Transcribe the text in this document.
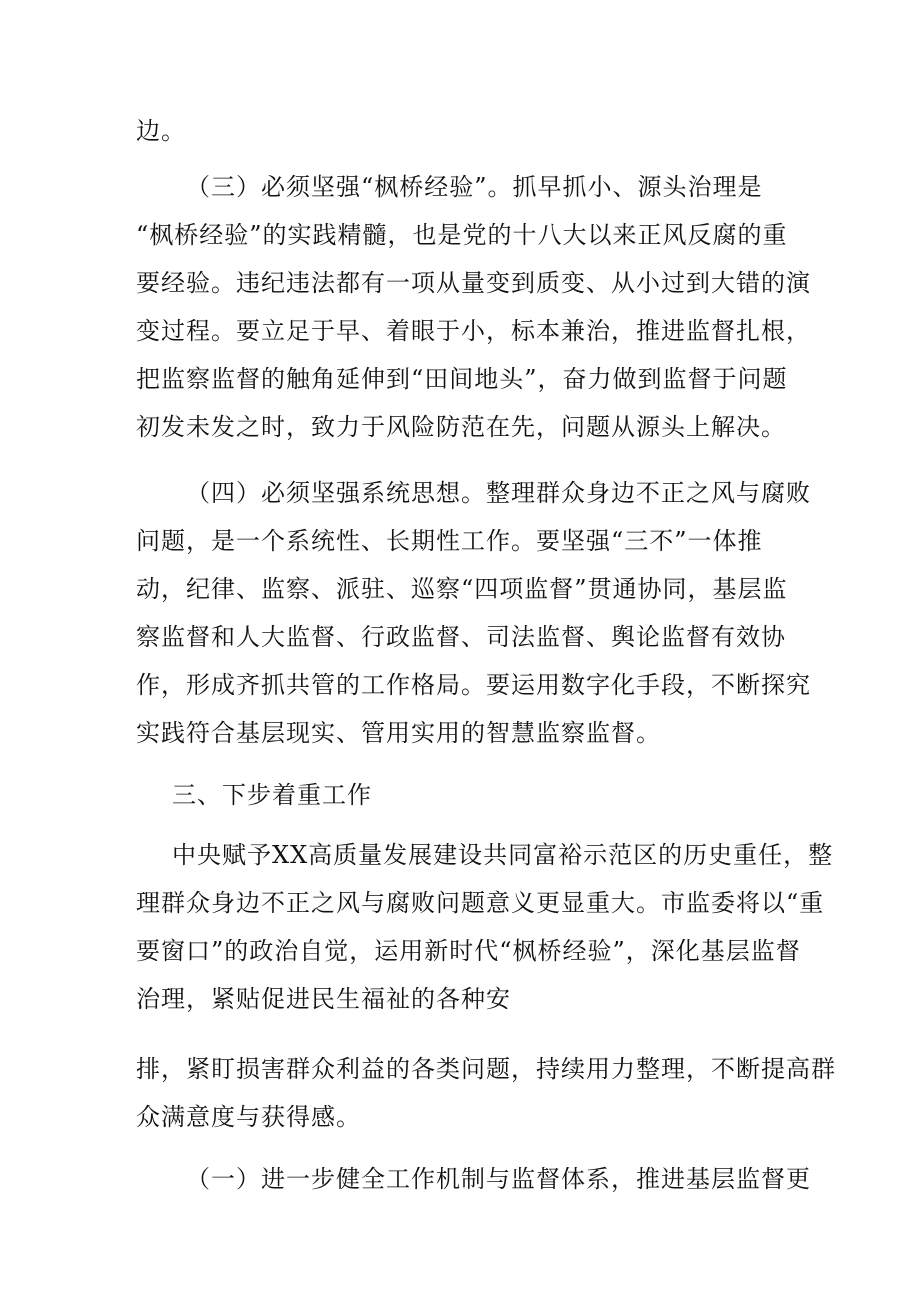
边。
（三）必须坚强“枫桥经验”。抓早抓小、源头治理是
“枫桥经验”的实践精髓，也是党的十八大以来正风反腐的重
要经验。违纪违法都有一项从量变到质变、从小过到大错的演
变过程。要立足于早、着眼于小，标本兼治，推进监督扎根，
把监察监督的触角延伸到“田间地头”，奋力做到监督于问题
初发未发之时，致力于风险防范在先，问题从源头上解决。
（四）必须坚强系统思想。整理群众身边不正之风与腐败
问题，是一个系统性、长期性工作。要坚强“三不”一体推
动，纪律、监察、派驻、巡察“四项监督”贯通协同，基层监
察监督和人大监督、行政监督、司法监督、舆论监督有效协
作，形成齐抓共管的工作格局。要运用数字化手段，不断探究
实践符合基层现实、管用实用的智慧监察监督。
三、下步着重工作
中央赋予XX高质量发展建设共同富裕示范区的历史重任，整
理群众身边不正之风与腐败问题意义更显重大。市监委将以“重
要窗口”的政治自觉，运用新时代“枫桥经验”，深化基层监督
治理，紧贴促进民生福祉的各种安
排，紧盯损害群众利益的各类问题，持续用力整理，不断提高群
众满意度与获得感。
（一）进一步健全工作机制与监督体系，推进基层监督更
